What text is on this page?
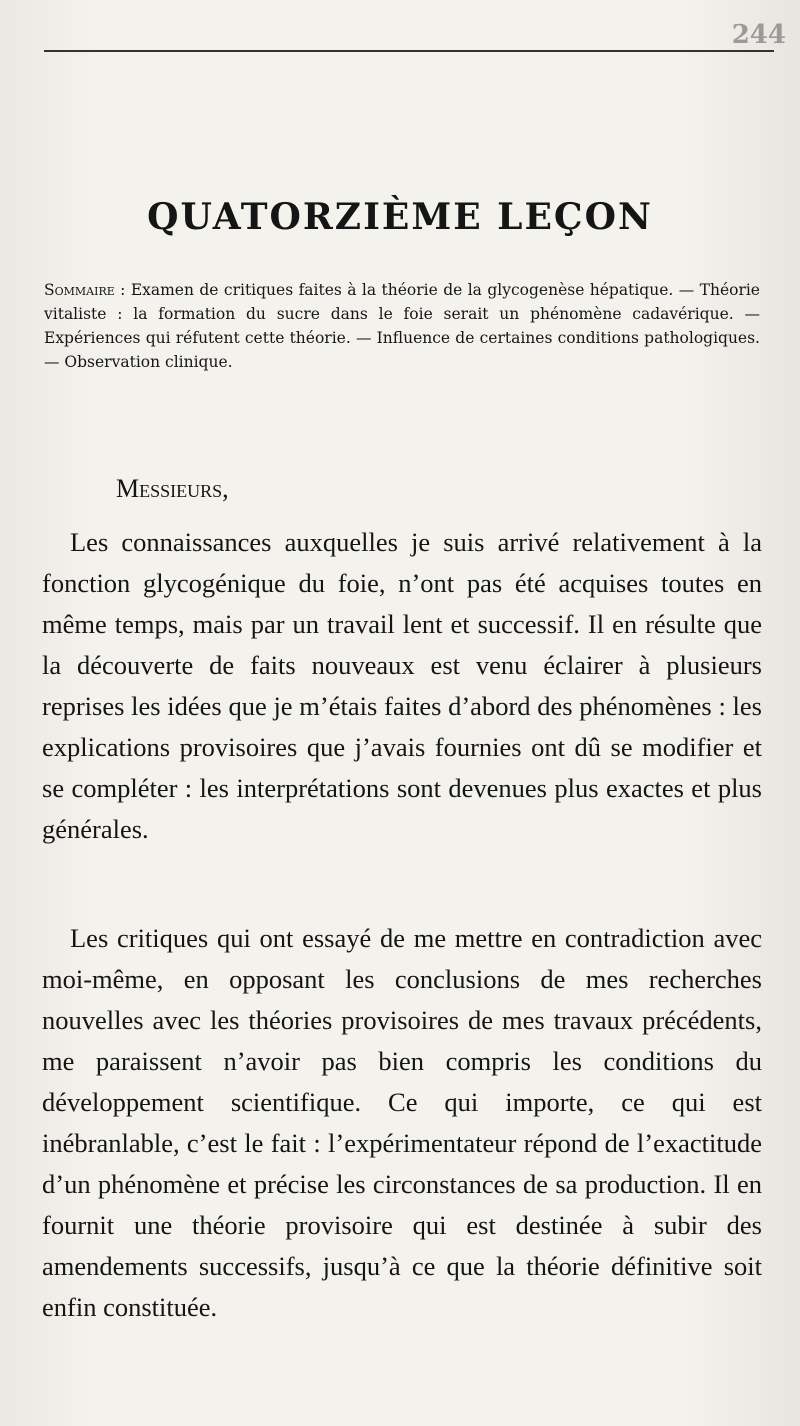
244
QUATORZIÈME LEÇON
Sommaire : Examen de critiques faites à la théorie de la glycogenèse hépatique. — Théorie vitaliste : la formation du sucre dans le foie serait un phénomène cadavérique. — Expériences qui réfutent cette théorie. — Influence de certaines conditions pathologiques. — Observation clinique.
Messieurs,

Les connaissances auxquelles je suis arrivé relativement à la fonction glycogénique du foie, n’ont pas été acquises toutes en même temps, mais par un travail lent et successif. Il en résulte que la découverte de faits nouveaux est venu éclairer à plusieurs reprises les idées que je m’étais faites d’abord des phénomènes : les explications provisoires que j’avais fournies ont dû se modifier et se compléter : les interprétations sont devenues plus exactes et plus générales.

Les critiques qui ont essayé de me mettre en contradiction avec moi-même, en opposant les conclusions de mes recherches nouvelles avec les théories provisoires de mes travaux précédents, me paraissent n’avoir pas bien compris les conditions du développement scientifique. Ce qui importe, ce qui est inébranlable, c’est le fait : l’expérimentateur répond de l’exactitude d’un phénomène et précise les circonstances de sa production. Il en fournit une théorie provisoire qui est destinée à subir des amendements successifs, jusqu’à ce que la théorie définitive soit enfin constituée.
